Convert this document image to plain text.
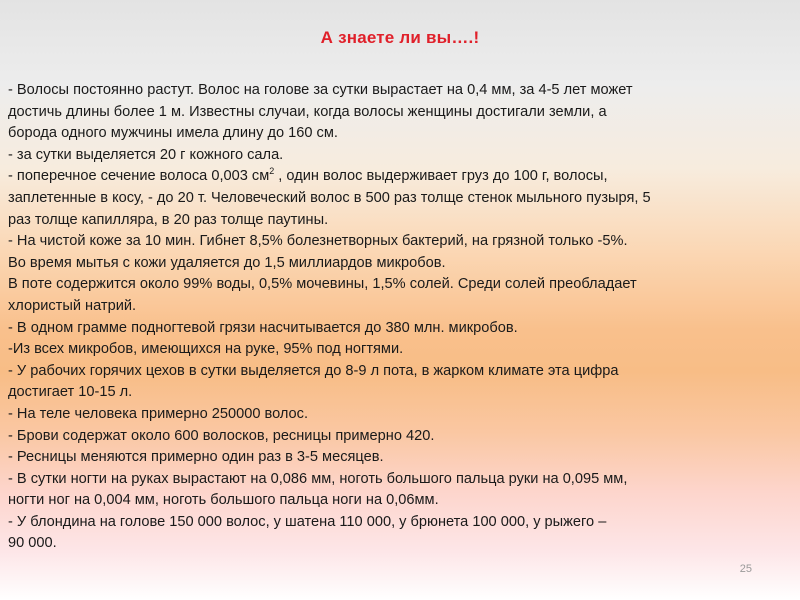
А знаете ли вы….!
- Волосы постоянно растут. Волос на голове за сутки вырастает на 0,4 мм, за 4-5 лет может
достичь длины более 1 м. Известны случаи, когда волосы женщины достигали земли, а
борода одного мужчины имела длину до 160 см.
- за сутки выделяется 20 г кожного сала.
- поперечное сечение волоса 0,003 $см^2$ , один волос выдерживает груз до 100 г, волосы,
заплетенные в косу, - до 20 т. Человеческий волос в 500 раз толще стенок мыльного пузыря, 5
раз толще капилляра, в 20 раз толще паутины.
- На чистой коже за 10 мин. Гибнет 8,5% болезнетворных бактерий, на грязной только -5%.
Во время мытья с кожи удаляется до 1,5 миллиардов микробов.
В поте содержится около 99% воды, 0,5% мочевины, 1,5% солей. Среди солей преобладает
хлористый натрий.
- В одном грамме подногтевой грязи насчитывается до 380 млн. микробов.
-Из всех микробов, имеющихся на руке, 95% под ногтями.
- У рабочих горячих цехов в сутки выделяется до 8-9 л пота, в жарком климате эта цифра
достигает 10-15 л.
- На теле человека примерно 250000 волос.
- Брови содержат около 600 волосков, ресницы примерно 420.
- Ресницы меняются примерно один раз в 3-5 месяцев.
- В сутки ногти на руках вырастают на 0,086 мм, ноготь большого пальца руки на 0,095 мм,
ногти ног на 0,004 мм, ноготь большого пальца ноги на 0,06мм.
- У блондина на голове 150 000 волос, у шатена 110 000, у брюнета 100 000, у рыжего –
90 000.
25
